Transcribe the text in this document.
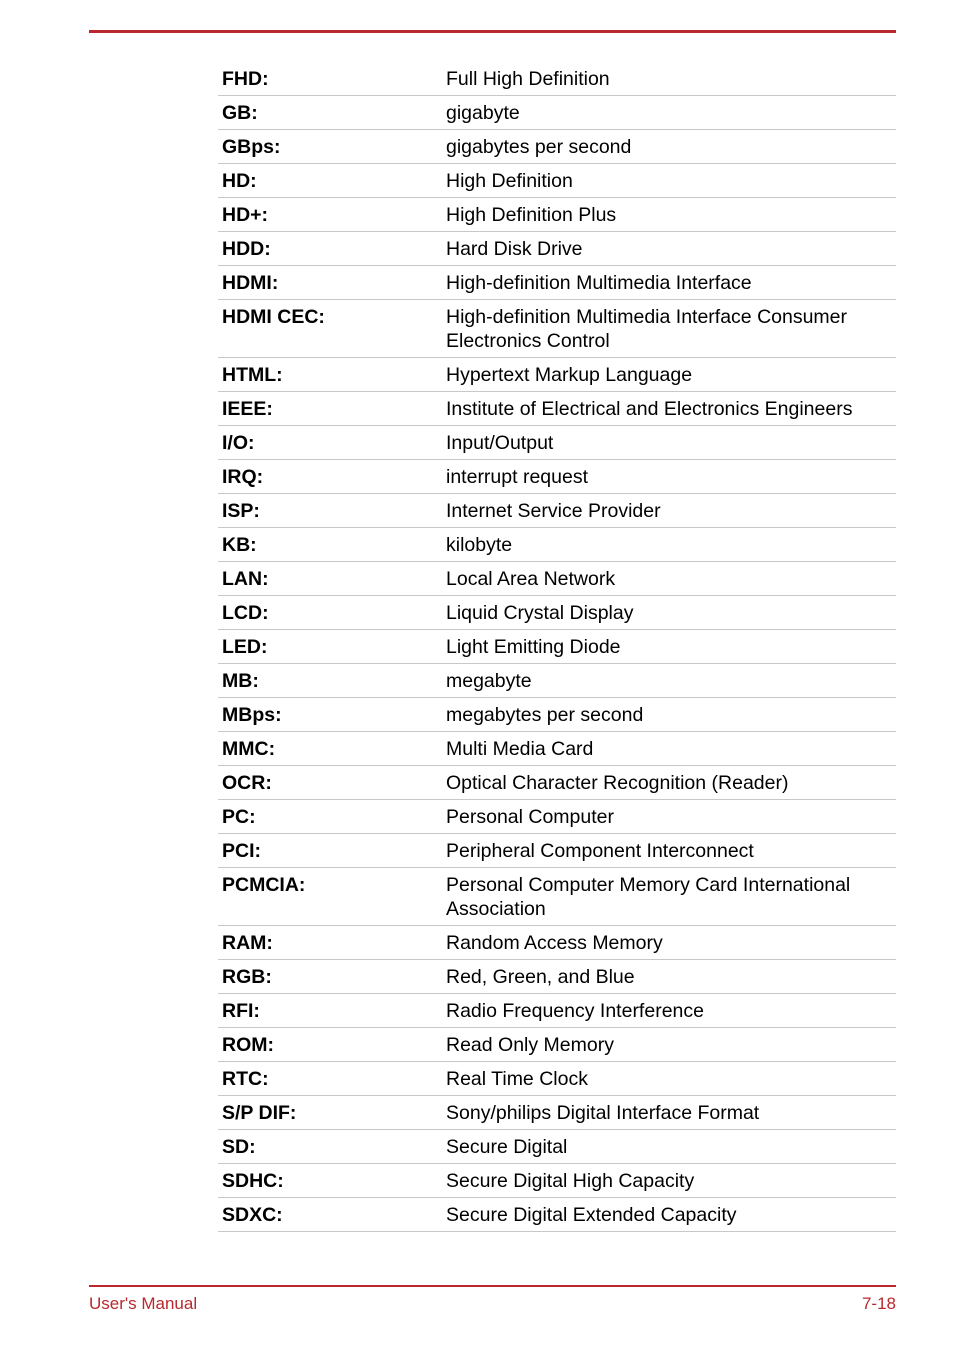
FHD:	Full High Definition
GB:	gigabyte
GBps:	gigabytes per second
HD:	High Definition
HD+:	High Definition Plus
HDD:	Hard Disk Drive
HDMI:	High-definition Multimedia Interface
HDMI CEC:	High-definition Multimedia Interface Consumer Electronics Control
HTML:	Hypertext Markup Language
IEEE:	Institute of Electrical and Electronics Engineers
I/O:	Input/Output
IRQ:	interrupt request
ISP:	Internet Service Provider
KB:	kilobyte
LAN:	Local Area Network
LCD:	Liquid Crystal Display
LED:	Light Emitting Diode
MB:	megabyte
MBps:	megabytes per second
MMC:	Multi Media Card
OCR:	Optical Character Recognition (Reader)
PC:	Personal Computer
PCI:	Peripheral Component Interconnect
PCMCIA:	Personal Computer Memory Card International Association
RAM:	Random Access Memory
RGB:	Red, Green, and Blue
RFI:	Radio Frequency Interference
ROM:	Read Only Memory
RTC:	Real Time Clock
S/P DIF:	Sony/philips Digital Interface Format
SD:	Secure Digital
SDHC:	Secure Digital High Capacity
SDXC:	Secure Digital Extended Capacity
User's Manual	7-18
